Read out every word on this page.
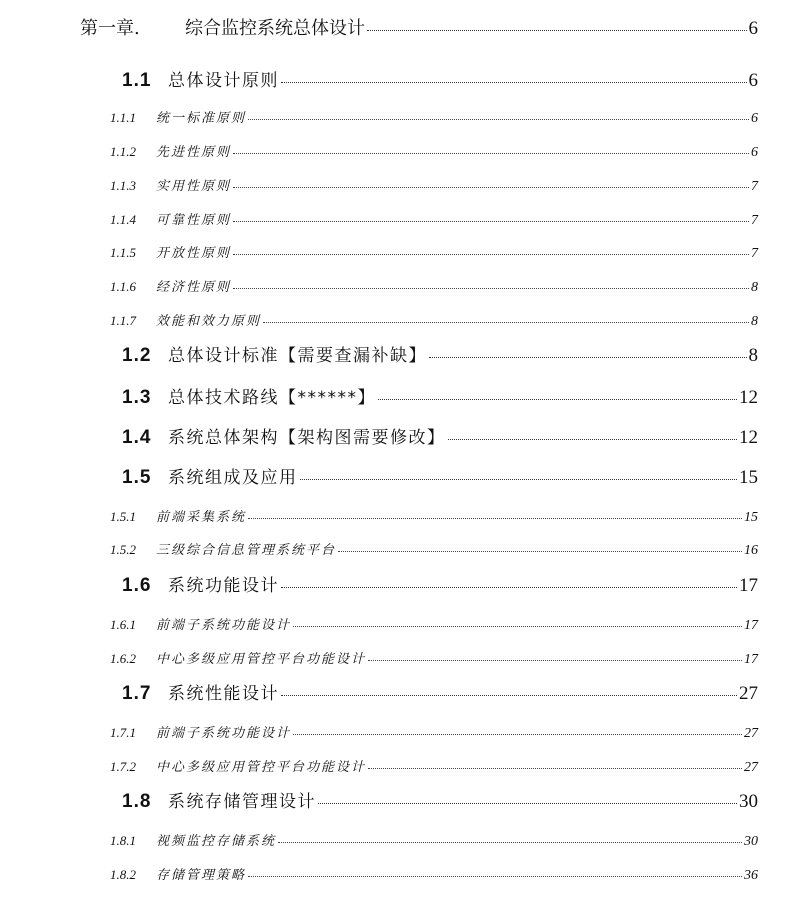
第一章.	综合监控系统总体设计	6
1.1 总体设计原则	6
1.1.1	统一标准原则	6
1.1.2	先进性原则	6
1.1.3	实用性原则	7
1.1.4	可靠性原则	7
1.1.5	开放性原则	7
1.1.6	经济性原则	8
1.1.7	效能和效力原则	8
1.2 总体设计标准【需要查漏补缺】	8
1.3 总体技术路线【******】	12
1.4 系统总体架构【架构图需要修改】	12
1.5 系统组成及应用	15
1.5.1	前端采集系统	15
1.5.2	三级综合信息管理系统平台	16
1.6 系统功能设计	17
1.6.1	前端子系统功能设计	17
1.6.2	中心多级应用管控平台功能设计	17
1.7 系统性能设计	27
1.7.1	前端子系统功能设计	27
1.7.2	中心多级应用管控平台功能设计	27
1.8 系统存储管理设计	30
1.8.1	视频监控存储系统	30
1.8.2	存储管理策略	36
